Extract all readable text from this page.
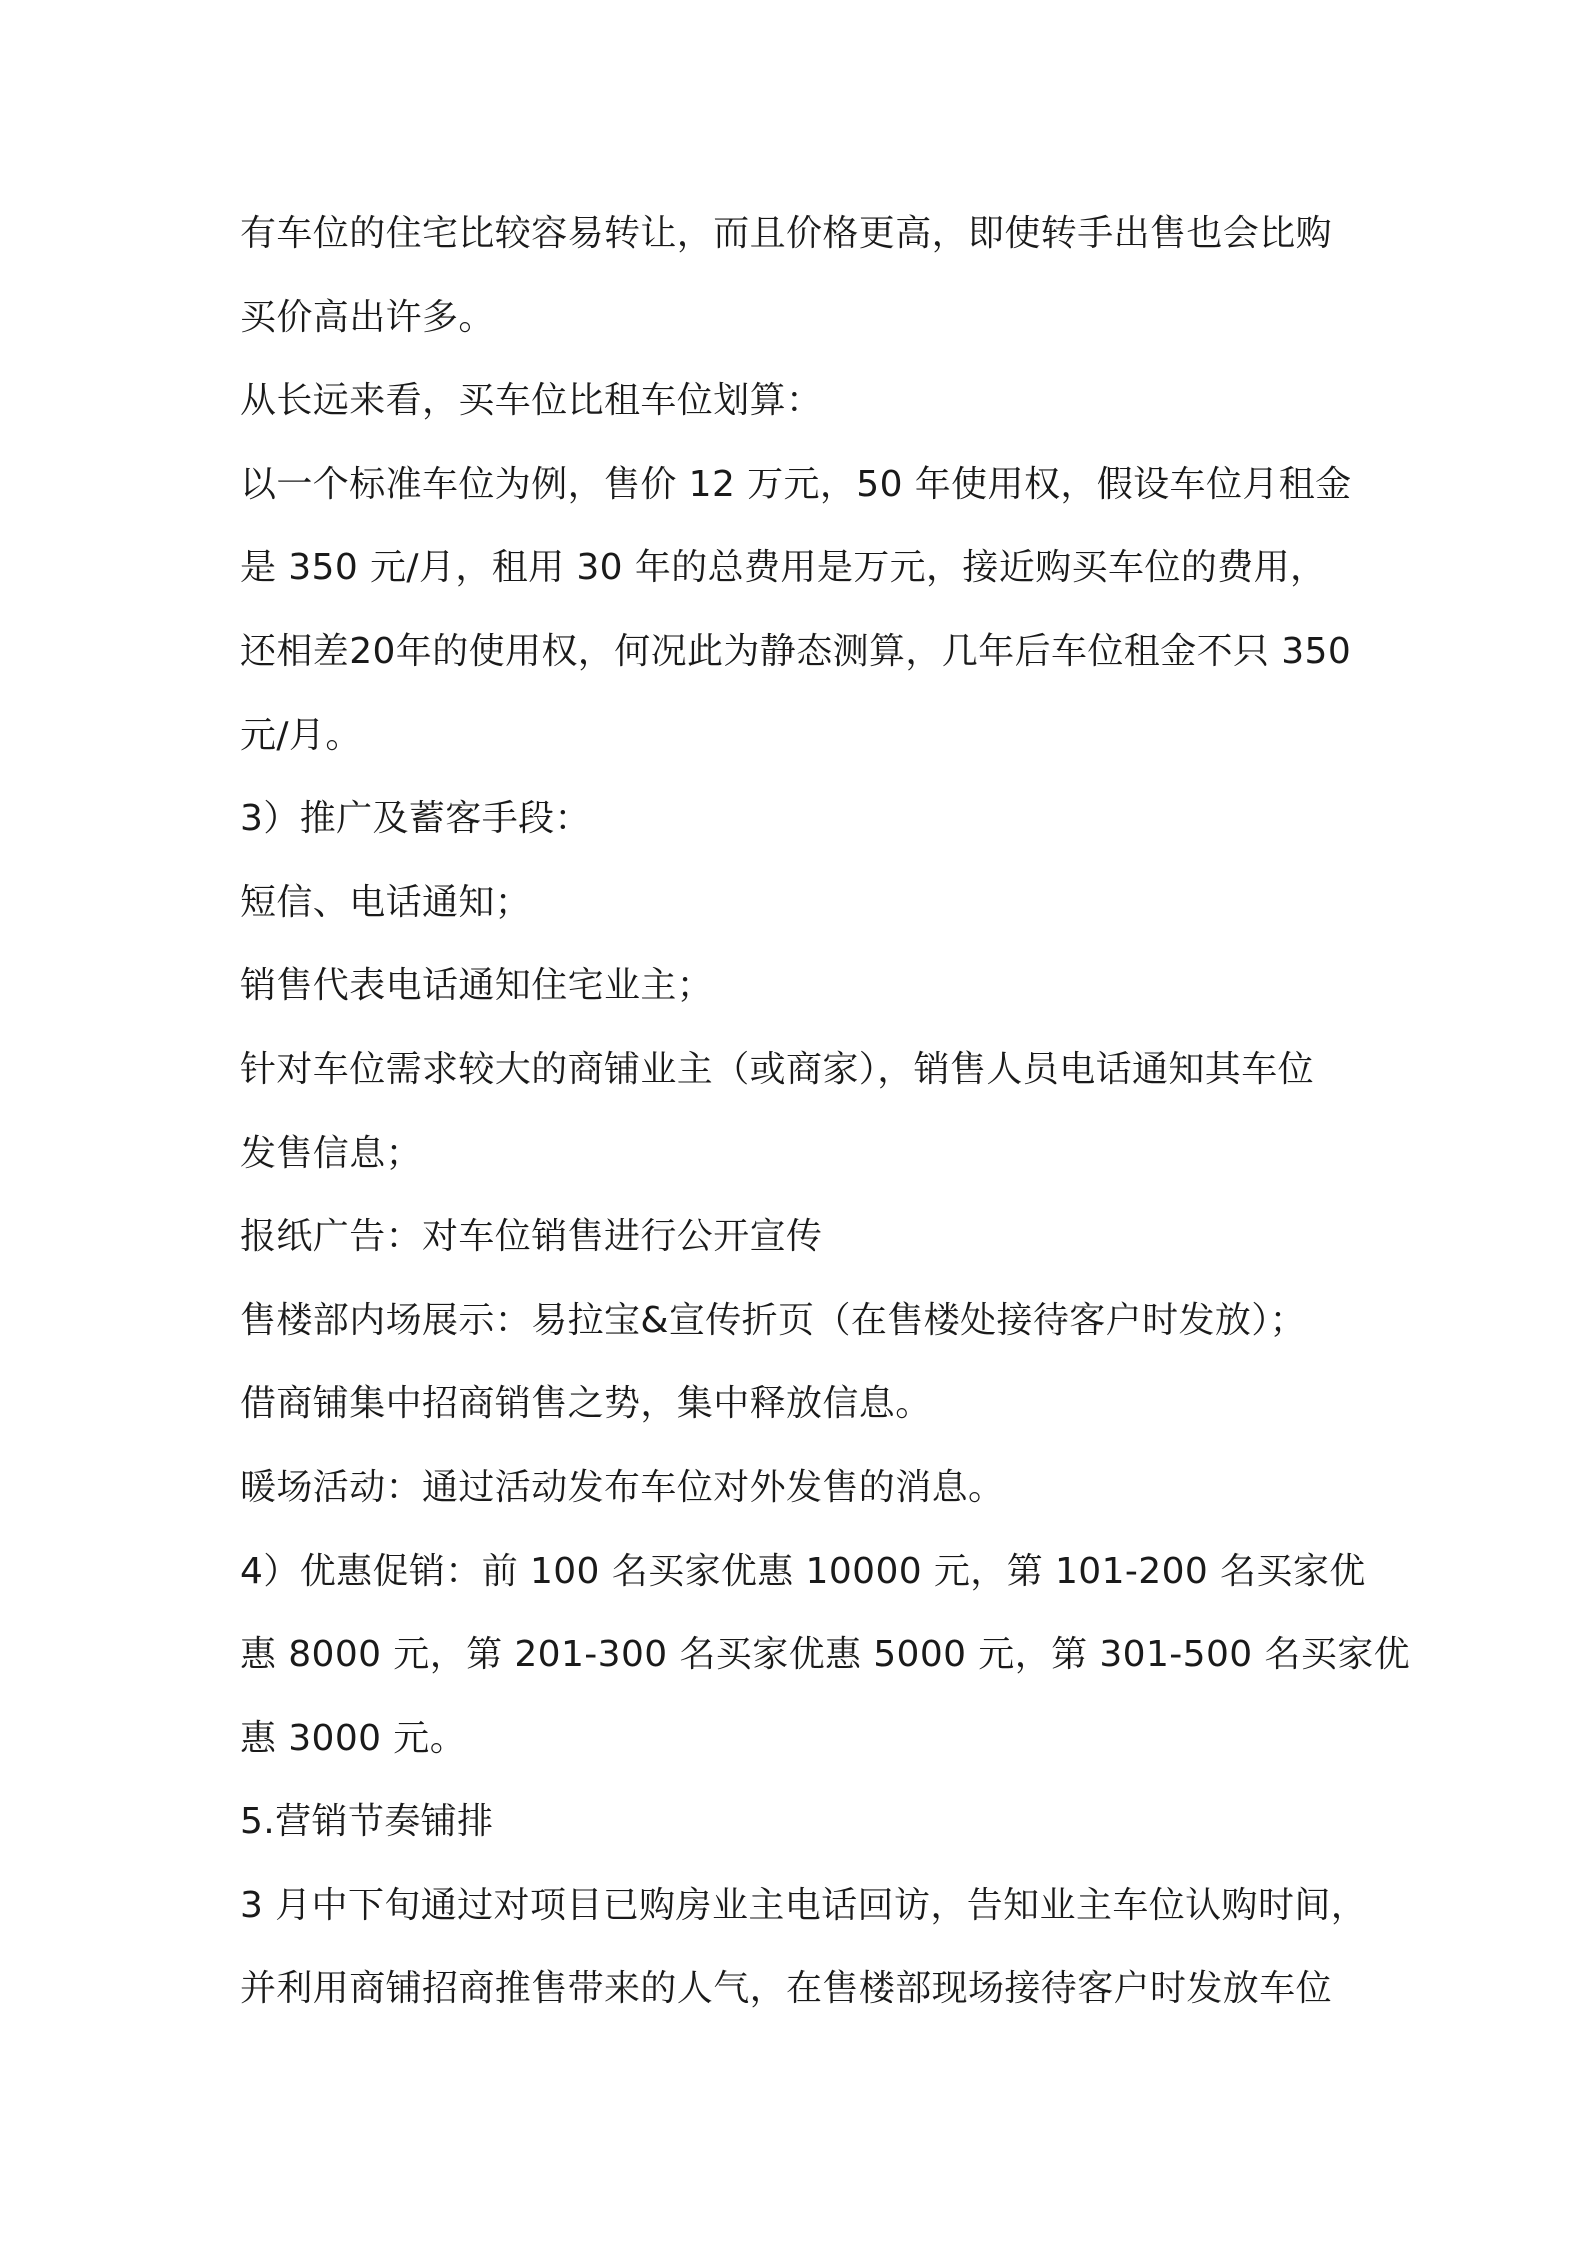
有车位的住宅比较容易转让，而且价格更高，即使转手出售也会比购
买价高出许多。
从长远来看，买车位比租车位划算：
以一个标准车位为例，售价 12 万元，50 年使用权，假设车位月租金
是 350 元/月，租用 30 年的总费用是万元，接近购买车位的费用，
还相差20年的使用权，何况此为静态测算，几年后车位租金不只 350
元/月。
3）推广及蓄客手段：
短信、电话通知；
销售代表电话通知住宅业主；
针对车位需求较大的商铺业主（或商家），销售人员电话通知其车位
发售信息；
报纸广告：对车位销售进行公开宣传
售楼部内场展示：易拉宝&宣传折页（在售楼处接待客户时发放）；
借商铺集中招商销售之势，集中释放信息。
暖场活动：通过活动发布车位对外发售的消息。
4）优惠促销：前 100 名买家优惠 10000 元，第 101-200 名买家优
惠 8000 元，第 201-300 名买家优惠 5000 元，第 301-500 名买家优
惠 3000 元。
5.营销节奏铺排
3 月中下旬通过对项目已购房业主电话回访，告知业主车位认购时间，
并利用商铺招商推售带来的人气，在售楼部现场接待客户时发放车位
